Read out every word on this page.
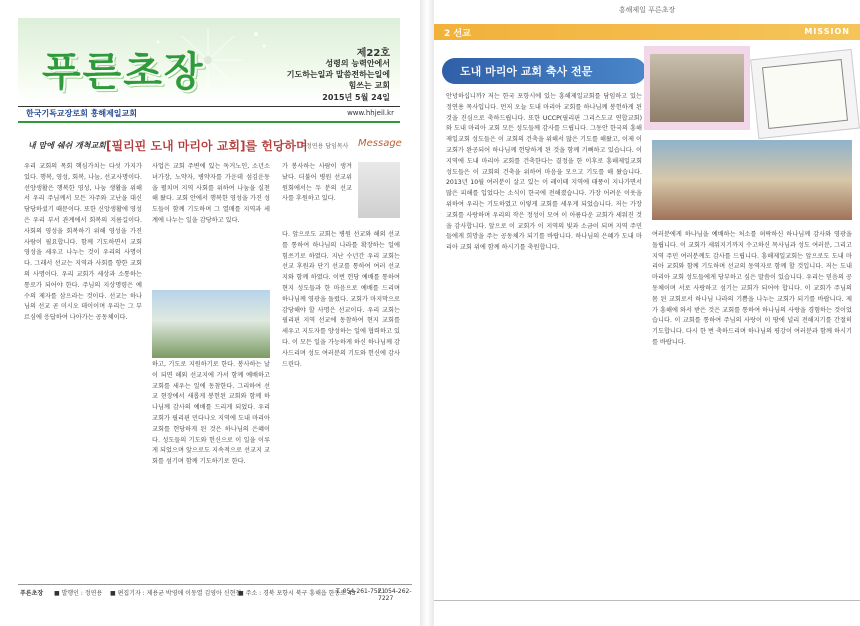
푸른초장	제22호
성령의 능력안에서
기도하는일과 말씀전하는일에
힘쓰는 교회
2015년 5월 24일
한국기독교장로회 흥해제일교회	www.hhjeil.kr
내 맘에 쉐쉬 개척교회 [필리핀 도내 마리아 교회]를 헌당하며
정연용 담임목사 Message
우리 교회의 목회 핵심가치는 다섯 가지가 있다. 행복, 영성, 회복, 나눔, 선교사명이다. 선양생활은 행복한 영성, 나눔 생활을 위해서 우리 주님께서 모든 자주와 고난을 대신 담당하셨기 때문이다. 또한 신앙생활에 영성은 우리 부서 관계에서 회복의 지름길이다. 사회의 영성을 회복하기 위해 영성을 가진 사람이 필요합니다. 함께 기도하면서 교회 영성을 세우고 나누는 것이 우리의 사명이다. 그래서 선교는 지역과 사회를 향한 교회의 사명이다. 우리 교회가 세상과 소통하는 통로가 되어야 한다. 주님의 지상명령은 예수의 제자를 삼으라는 것이다. 선교는 하나님의 선교 곧 미시오 데이이며 우리는 그 부르심에 응답하여 나아가는 공동체이다.
사업은 교회 주변에 있는 독거노인, 소년소녀가장, 노약자, 병약자를 가운데 섬김운동을 펼치며 지역 사회를 위하여 나눔을 실천해 왔다. 교회 안에서 행복한 영성을 가진 성도들이 함께 기도하며 그 열매를 지역과 세계에 나누는 일을 감당하고 있다.
하고, 기도로 지원하기로 한다. 봉사하는 날이 되면 해외 선교지에 가서 함께 예배하고 교회를 세우는 일에 동참한다. 그리하여 선교 현장에서 새롭게 봉헌된 교회와 함께 하나님께 감사의 예배를 드리게 되었다. 우리 교회가 필리핀 민다나오 지역에 도내 마리아 교회를 헌당하게 된 것은 하나님의 은혜이다. 성도들의 기도와 헌신으로 이 일을 이루게 되었으며 앞으로도 지속적으로 선교지 교회를 섬기며 함께 기도하기로 한다.
가 봉사하는 사람이 생겨났다. 더불어 병원 선교위원회에서는 두 분의 선교사를 후원하고 있다.
다. 앞으로도 교회는 병원 선교와 해외 선교를 통하여 하나님의 나라를 확장하는 일에 힘쓰기로 하였다. 지난 수년간 우리 교회는 선교 후원과 단기 선교를 통하여 여러 선교지와 함께 하였다. 이번 헌당 예배를 통하여 현지 성도들과 한 마음으로 예배를 드리며 하나님께 영광을 돌렸다. 교회가 마지막으로 감당해야 할 사명은 선교이다. 우리 교회는 필리핀 지역 선교에 동참하여 현지 교회를 세우고 지도자를 양성하는 일에 협력하고 있다. 이 모든 일을 가능하게 하신 하나님께 감사드리며 성도 여러분의 기도와 헌신에 감사드린다.
푸른초장 ■ 발행인 : 정연용 ■ 편집기자 : 제용균 박영애 이동열 김영아 신현철
■ 주소 : 경북 포항시 북구 흥해읍 한동로 43
T. 054-261-7521
F. 054-262-7227
흥해제일 푸른초장
2 선교	MISSION
도내 마리아 교회 축사 전문
안녕하십니까? 저는 한국 포항시에 있는 흥해제일교회를 담임하고 있는 정연용 목사입니다. 먼저 오늘 도내 마리아 교회를 하나님께 봉헌하게 된 것을 진심으로 축하드립니다. 또한 UCCP(필리핀 그리스도교 연합교회)와 도내 마리아 교회 모든 성도들께 감사를 드립니다. 그동안 한국의 흥해제일교회 성도들은 이 교회의 건축을 위해서 많은 기도를 해왔고, 이제 이 교회가 완공되어 하나님께 헌당하게 된 것을 함께 기뻐하고 있습니다. 이 지역에 도내 마리아 교회를 건축한다는 결정을 한 이후로 흥해제일교회 성도들은 이 교회의 건축을 위하여 마음을 모으고 기도를 해 왔습니다. 2013년 10월 여러분이 살고 있는 이 레이테 지역에 태풍이 지나가면서 많은 피해를 입었다는 소식이 한국에 전해졌습니다. 가장 어려운 이웃을 위하여 우리는 기도하였고 이렇게 교회를 세우게 되었습니다. 저는 가장 교회를 사랑하며 우리의 작은 정성이 모여 이 아름다운 교회가 세워진 것을 감사합니다. 앞으로 이 교회가 이 지역의 빛과 소금이 되며 지역 주민들에게 희망을 주는 공동체가 되기를 바랍니다. 하나님의 은혜가 도내 마리아 교회 위에 함께 하시기를 축원합니다.
여러분에게 하나님을 예배하는 처소를 허락하신 하나님께 감사와 영광을 돌립니다. 이 교회가 세워지기까지 수고하신 목사님과 성도 여러분, 그리고 지역 주민 여러분께도 감사를 드립니다. 흥해제일교회는 앞으로도 도내 마리아 교회와 함께 기도하며 선교의 동역자로 함께 할 것입니다. 저는 도내 마리아 교회 성도들에게 당부하고 싶은 말씀이 있습니다. 우리는 믿음의 공동체이며 서로 사랑하고 섬기는 교회가 되어야 합니다. 이 교회가 주님의 몸 된 교회로서 하나님 나라의 기쁨을 나누는 교회가 되기를 바랍니다. 제가 흥해에 와서 받은 것은 교회를 통하여 하나님의 사랑을 경험하는 것이었습니다. 이 교회를 통하여 주님의 사랑이 이 땅에 널리 전해지기를 간절히 기도합니다. 다시 한 번 축하드리며 하나님의 평강이 여러분과 함께 하시기를 바랍니다.
